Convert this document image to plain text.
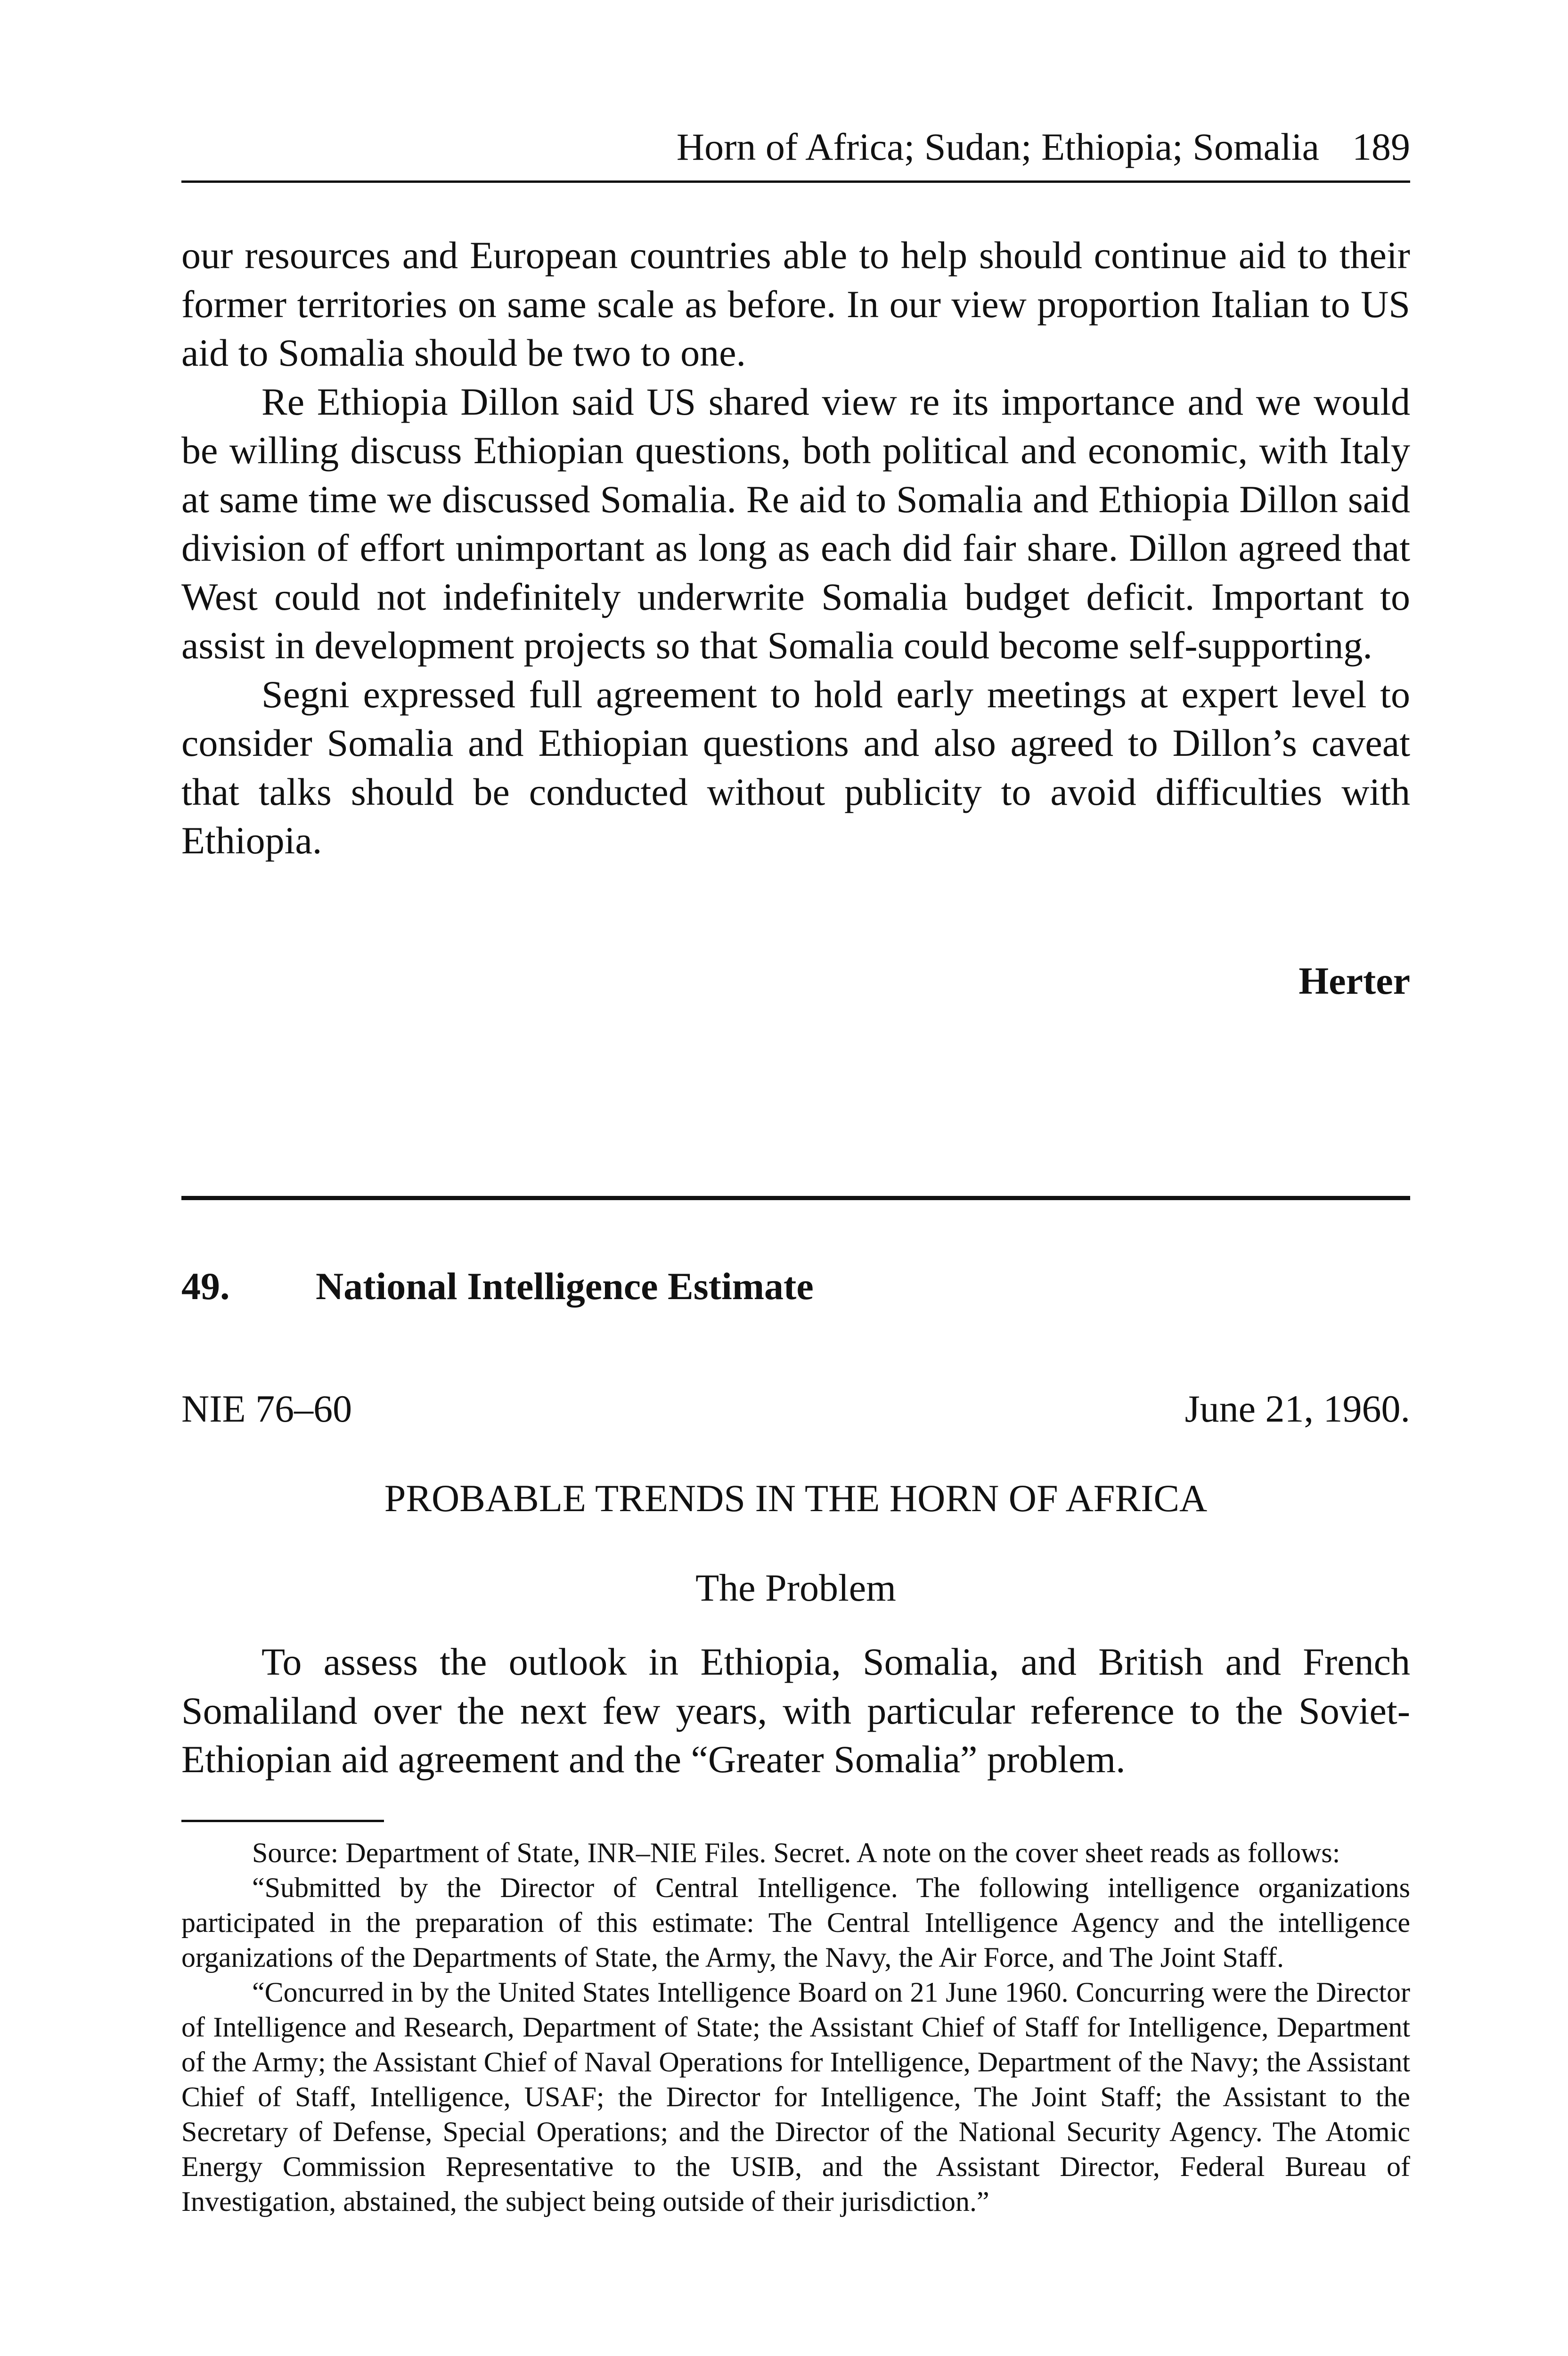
Horn of Africa; Sudan; Ethiopia; Somalia 189

our resources and European countries able to help should continue aid to their former territories on same scale as before. In our view proportion Italian to US aid to Somalia should be two to one.

Re Ethiopia Dillon said US shared view re its importance and we would be willing discuss Ethiopian questions, both political and economic, with Italy at same time we discussed Somalia. Re aid to Somalia and Ethiopia Dillon said division of effort unimportant as long as each did fair share. Dillon agreed that West could not indefinitely underwrite Somalia budget deficit. Important to assist in development projects so that Somalia could become self-supporting.

Segni expressed full agreement to hold early meetings at expert level to consider Somalia and Ethiopian questions and also agreed to Dillon’s caveat that talks should be conducted without publicity to avoid difficulties with Ethiopia.

Herter
49. National Intelligence Estimate
NIE 76–60	June 21, 1960.
PROBABLE TRENDS IN THE HORN OF AFRICA
The Problem

To assess the outlook in Ethiopia, Somalia, and British and French Somaliland over the next few years, with particular reference to the Soviet-Ethiopian aid agreement and the “Greater Somalia” problem.

Source: Department of State, INR–NIE Files. Secret. A note on the cover sheet reads as follows:

“Submitted by the Director of Central Intelligence. The following intelligence organizations participated in the preparation of this estimate: The Central Intelligence Agency and the intelligence organizations of the Departments of State, the Army, the Navy, the Air Force, and The Joint Staff.

“Concurred in by the United States Intelligence Board on 21 June 1960. Concurring were the Director of Intelligence and Research, Department of State; the Assistant Chief of Staff for Intelligence, Department of the Army; the Assistant Chief of Naval Operations for Intelligence, Department of the Navy; the Assistant Chief of Staff, Intelligence, USAF; the Director for Intelligence, The Joint Staff; the Assistant to the Secretary of Defense, Special Operations; and the Director of the National Security Agency. The Atomic Energy Commission Representative to the USIB, and the Assistant Director, Federal Bureau of Investigation, abstained, the subject being outside of their jurisdiction.”
